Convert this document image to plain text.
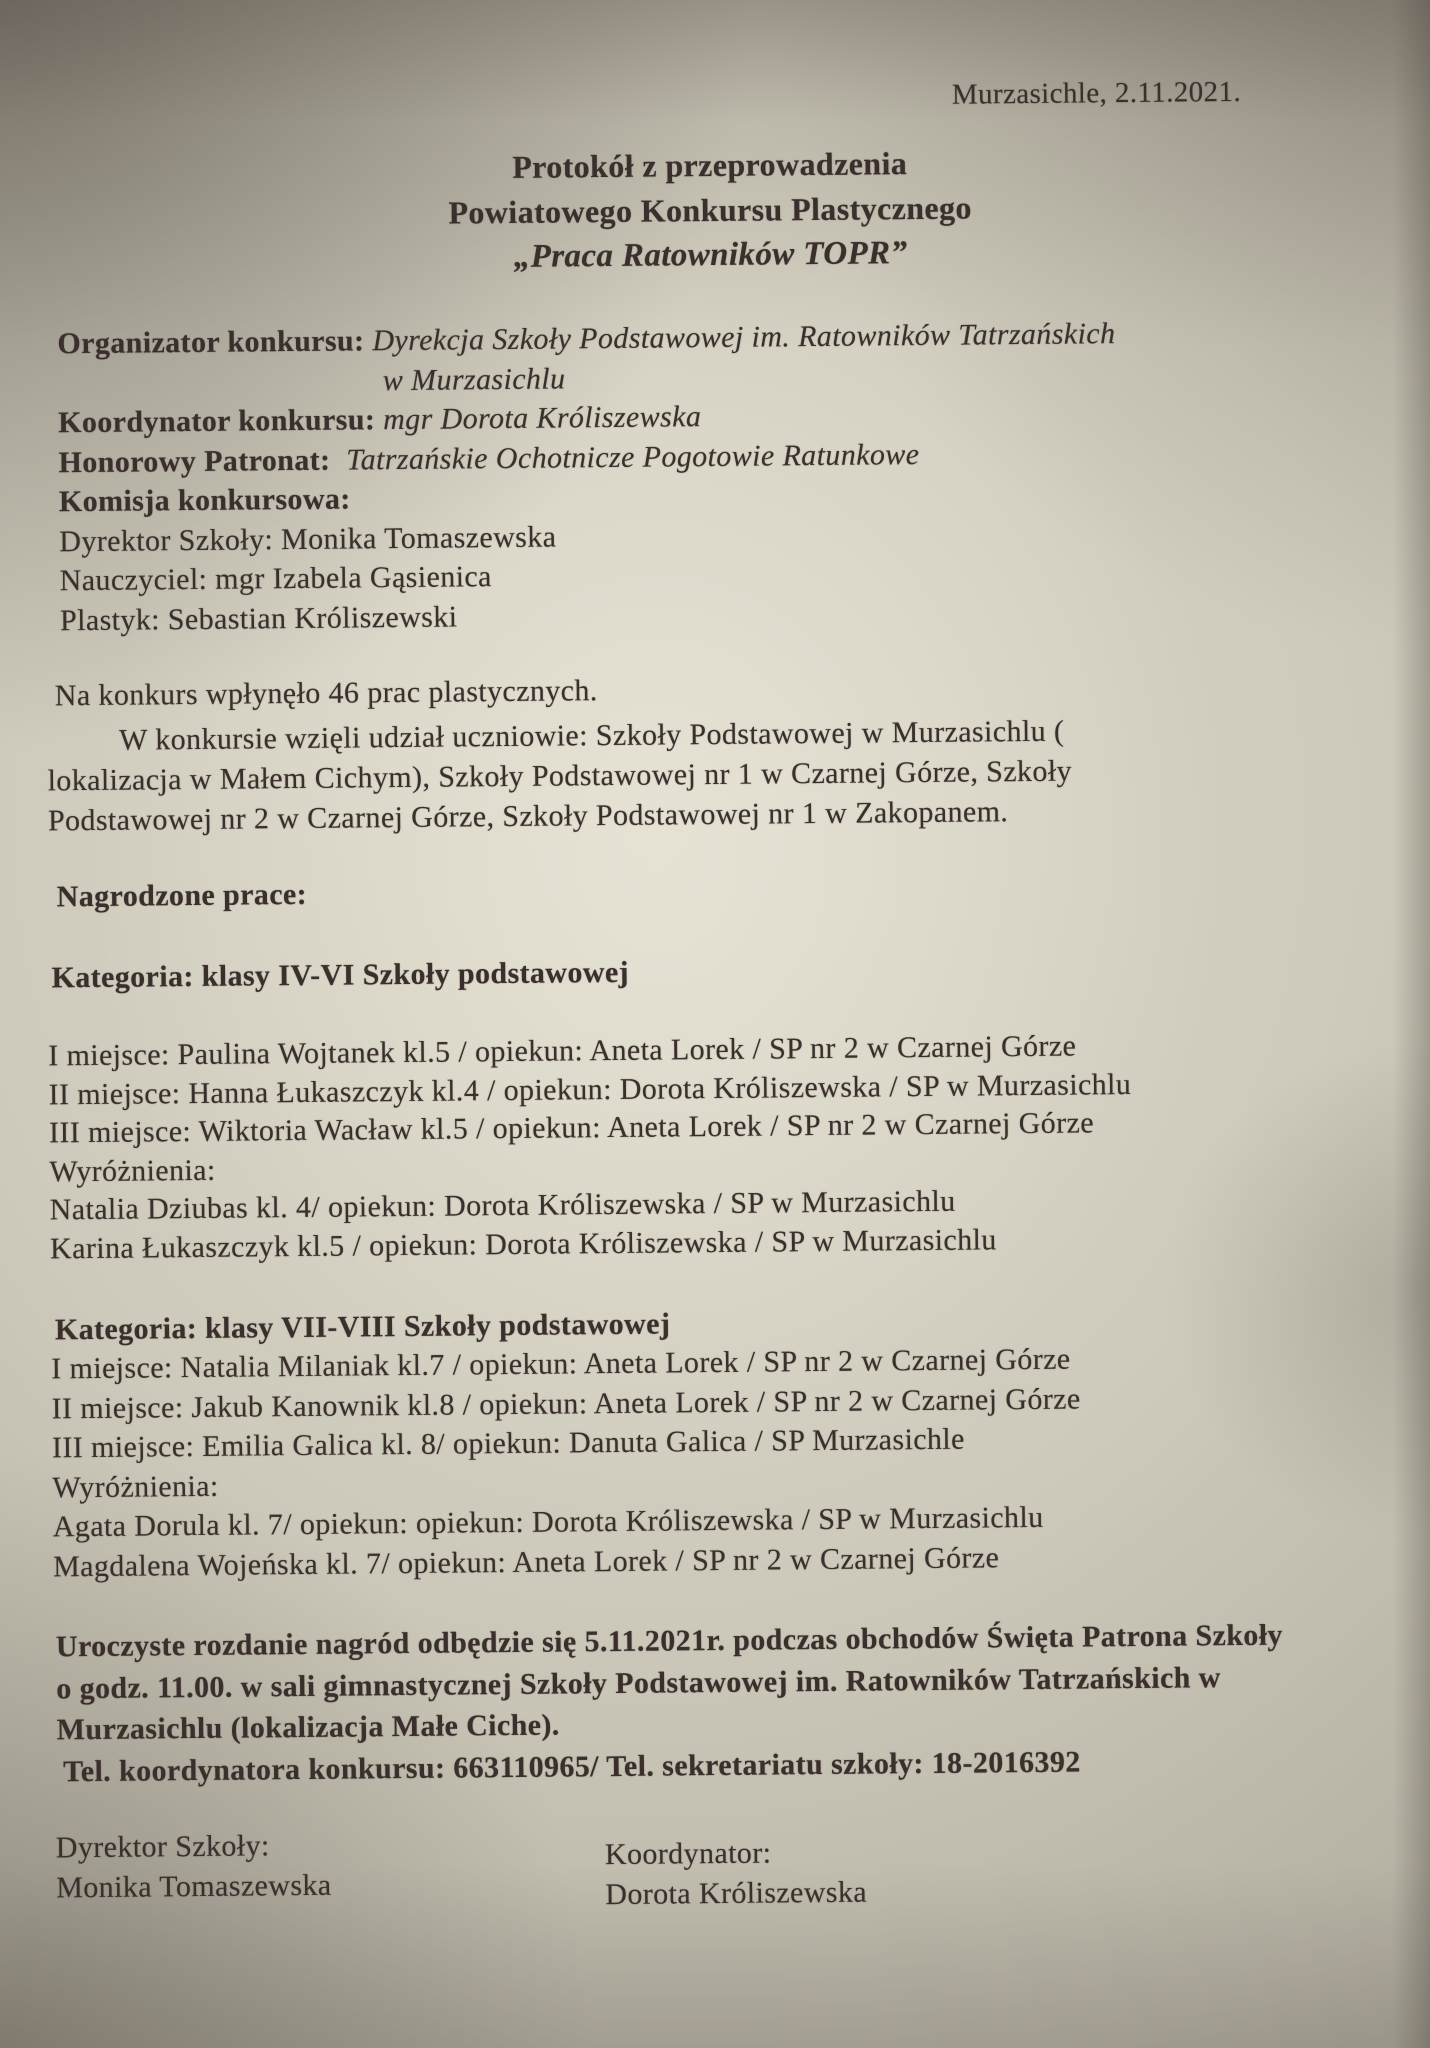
Murzasichle, 2.11.2021.
Protokół z przeprowadzenia
Powiatowego Konkursu Plastycznego
„Praca Ratowników TOPR”
Organizator konkursu: Dyrekcja Szkoły Podstawowej im. Ratowników Tatrzańskich
w Murzasichlu
Koordynator konkursu: mgr Dorota Króliszewska
Honorowy Patronat: Tatrzańskie Ochotnicze Pogotowie Ratunkowe
Komisja konkursowa:
Dyrektor Szkoły: Monika Tomaszewska
Nauczyciel: mgr Izabela Gąsienica
Plastyk: Sebastian Króliszewski
Na konkurs wpłynęło 46 prac plastycznych.

W konkursie wzięli udział uczniowie: Szkoły Podstawowej w Murzasichlu ( lokalizacja w Małem Cichym), Szkoły Podstawowej nr 1 w Czarnej Górze, Szkoły Podstawowej nr 2 w Czarnej Górze, Szkoły Podstawowej nr 1 w Zakopanem.

Nagrodzone prace:
Kategoria: klasy IV-VI Szkoły podstawowej
I miejsce: Paulina Wojtanek kl.5 / opiekun: Aneta Lorek / SP nr 2 w Czarnej Górze
II miejsce: Hanna Łukaszczyk kl.4 / opiekun: Dorota Króliszewska / SP w Murzasichlu
III miejsce: Wiktoria Wacław kl.5 / opiekun: Aneta Lorek / SP nr 2 w Czarnej Górze
Wyróżnienia:
Natalia Dziubas kl. 4/ opiekun: Dorota Króliszewska / SP w Murzasichlu
Karina Łukaszczyk kl.5 / opiekun: Dorota Króliszewska / SP w Murzasichlu
Kategoria: klasy VII-VIII Szkoły podstawowej
I miejsce: Natalia Milaniak kl.7 / opiekun: Aneta Lorek / SP nr 2 w Czarnej Górze
II miejsce: Jakub Kanownik kl.8 / opiekun: Aneta Lorek / SP nr 2 w Czarnej Górze
III miejsce: Emilia Galica kl. 8/ opiekun: Danuta Galica / SP Murzasichle
Wyróżnienia:
Agata Dorula kl. 7/ opiekun: opiekun: Dorota Króliszewska / SP w Murzasichlu
Magdalena Wojeńska kl. 7/ opiekun: Aneta Lorek / SP nr 2 w Czarnej Górze

Uroczyste rozdanie nagród odbędzie się 5.11.2021r. podczas obchodów Święta Patrona Szkoły o godz. 11.00. w sali gimnastycznej Szkoły Podstawowej im. Ratowników Tatrzańskich w Murzasichlu (lokalizacja Małe Ciche).

Tel. koordynatora konkursu: 663110965/ Tel. sekretariatu szkoły: 18-2016392
Dyrektor Szkoły:
Monika Tomaszewska
Koordynator:
Dorota Króliszewska
